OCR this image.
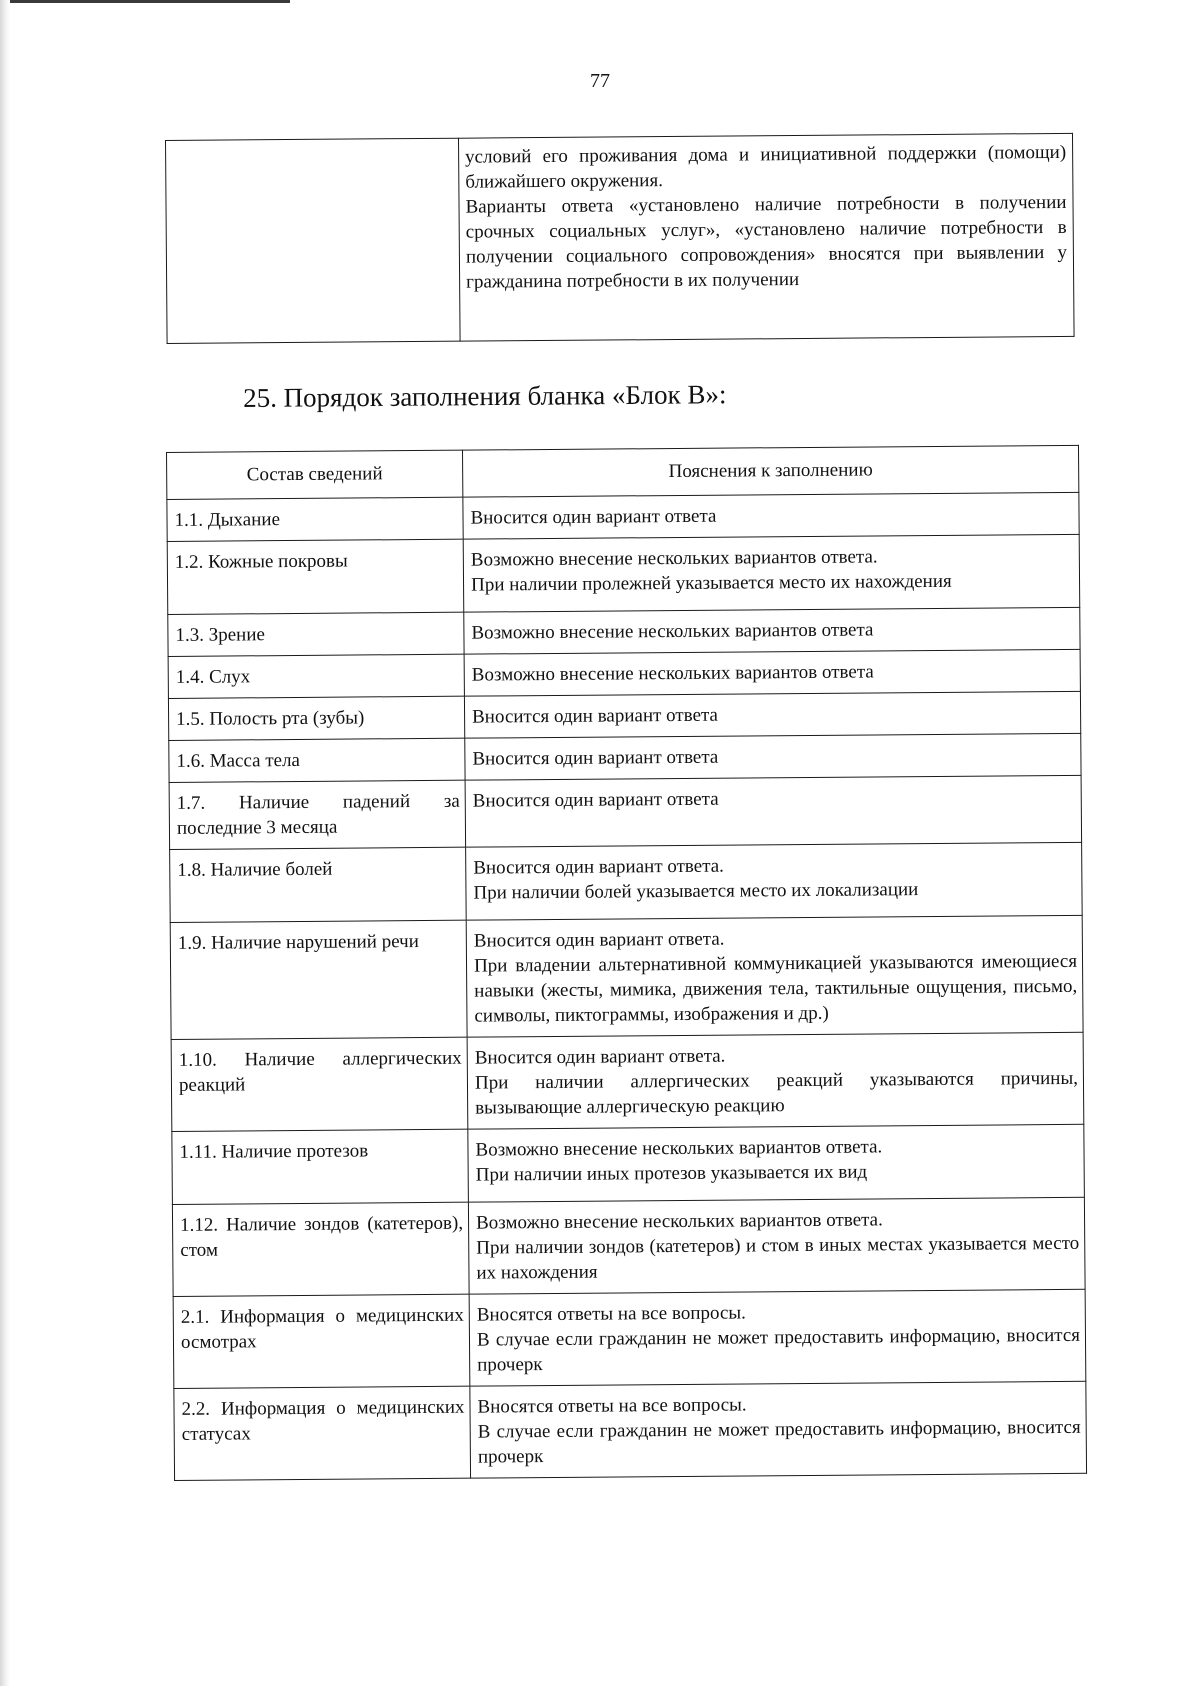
77

условий его проживания дома и инициативной поддержки (помощи) ближайшего окружения.
Варианты ответа «установлено наличие потребности в получении срочных социальных услуг», «установлено наличие потребности в получении социального сопровождения» вносятся при выявлении у гражданина потребности в их получении
25. Порядок заполнения бланка «Блок В»:
Состав сведений	Пояснения к заполнению
1.1. Дыхание	Вносится один вариант ответа

1.2. Кожные покровы	Возможно внесение нескольких вариантов ответа.
При наличии пролежней указывается место их нахождения

1.3. Зрение	Возможно внесение нескольких вариантов ответа

1.4. Слух	Возможно внесение нескольких вариантов ответа

1.5. Полость рта (зубы)	Вносится один вариант ответа

1.6. Масса тела	Вносится один вариант ответа

1.7. Наличие падений за последние 3 месяца	Вносится один вариант ответа

1.8. Наличие болей	Вносится один вариант ответа.
При наличии болей указывается место их локализации

1.9. Наличие нарушений речи	Вносится один вариант ответа.
При владении альтернативной коммуникацией указываются имеющиеся навыки (жесты, мимика, движения тела, тактильные ощущения, письмо, символы, пиктограммы, изображения и др.)

1.10. Наличие аллергических реакций	Вносится один вариант ответа.
При наличии аллергических реакций указываются причины, вызывающие аллергическую реакцию

1.11. Наличие протезов	Возможно внесение нескольких вариантов ответа.
При наличии иных протезов указывается их вид

1.12. Наличие зондов (катетеров), стом	Возможно внесение нескольких вариантов ответа.
При наличии зондов (катетеров) и стом в иных местах указывается место их нахождения

2.1. Информация о медицинских осмотрах	Вносятся ответы на все вопросы.
В случае если гражданин не может предоставить информацию, вносится прочерк

2.2. Информация о медицинских статусах	Вносятся ответы на все вопросы.
В случае если гражданин не может предоставить информацию, вносится прочерк
